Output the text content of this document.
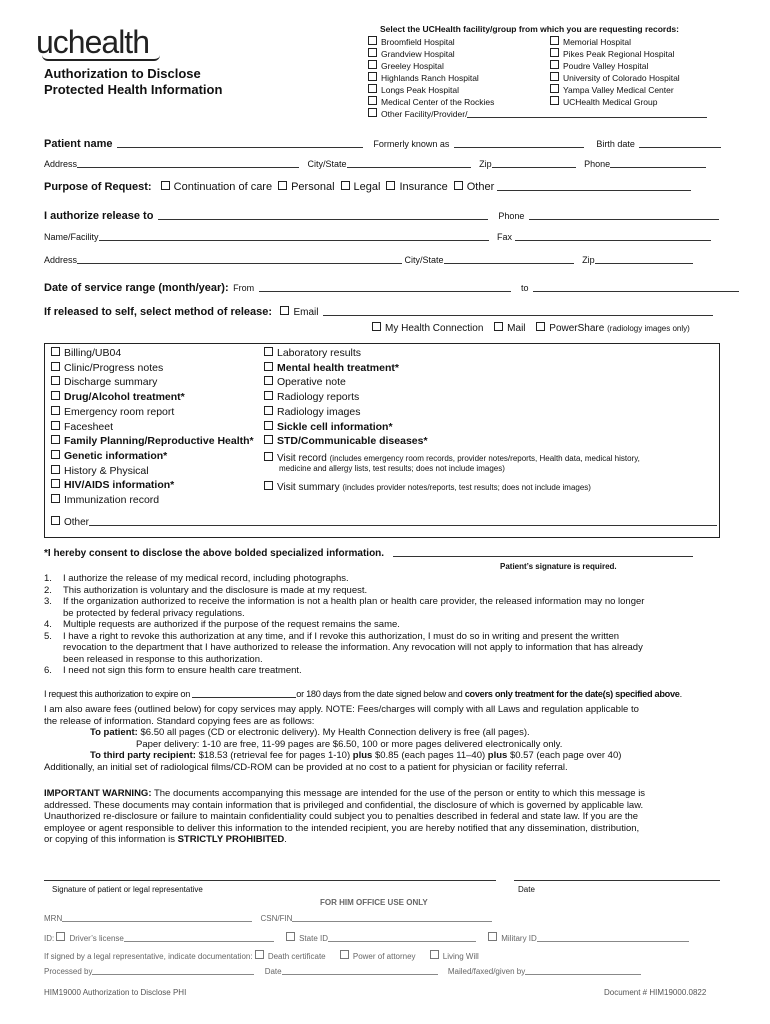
uchealth
Authorization to Disclose
Protected Health Information
Select the UCHealth facility/group from which you are requesting records:
Broomfield Hospital
Grandview Hospital
Greeley Hospital
Highlands Ranch Hospital
Longs Peak Hospital
Medical Center of the Rockies
Memorial Hospital
Pikes Peak Regional Hospital
Poudre Valley Hospital
University of Colorado Hospital
Yampa Valley Medical Center
UCHealth Medical Group
Other Facility/Provider/
Patient name	Formerly known as	Birth date
Address	City/State	Zip	Phone
Purpose of Request: Continuation of care Personal Legal Insurance Other
I authorize release to	Phone
Name/Facility	Fax
Address	City/State	Zip
Date of service range (month/year): From	to
If released to self, select method of release: Email
My Health Connection Mail PowerShare (radiology images only)
Billing/UB04
Clinic/Progress notes
Discharge summary
Drug/Alcohol treatment*
Emergency room report
Facesheet
Family Planning/Reproductive Health*
Genetic information*
History & Physical
HIV/AIDS information*
Immunization record
Laboratory results
Mental health treatment*
Operative note
Radiology reports
Radiology images
Sickle cell information*
STD/Communicable diseases*
Visit record (includes emergency room records, provider notes/reports, Health data, medical history,
medicine and allergy lists, test results; does not include images)
Visit summary (includes provider notes/reports, test results; does not include images)
Other
*I hereby consent to disclose the above bolded specialized information.
Patient’s signature is required.
1. I authorize the release of my medical record, including photographs.
2. This authorization is voluntary and the disclosure is made at my request.
3. If the organization authorized to receive the information is not a health plan or health care provider, the released information may no longer
be protected by federal privacy regulations.
4. Multiple requests are authorized if the purpose of the request remains the same.
5. I have a right to revoke this authorization at any time, and if I revoke this authorization, I must do so in writing and present the written
revocation to the department that I have authorized to release the information. Any revocation will not apply to information that has already
been released in response to this authorization.
6. I need not sign this form to ensure health care treatment.
I request this authorization to expire on	or 180 days from the date signed below and covers only treatment for the date(s) specified above.
I am also aware fees (outlined below) for copy services may apply. NOTE: Fees/charges will comply with all Laws and regulation applicable to
the release of information. Standard copying fees are as follows:
To patient: $6.50 all pages (CD or electronic delivery). My Health Connection delivery is free (all pages).
Paper delivery: 1-10 are free, 11-99 pages are $6.50, 100 or more pages delivered electronically only.
To third party recipient: $18.53 (retrieval fee for pages 1-10) plus $0.85 (each pages 11–40) plus $0.57 (each page over 40)
Additionally, an initial set of radiological films/CD-ROM can be provided at no cost to a patient for physician or facility referral.
IMPORTANT WARNING: The documents accompanying this message are intended for the use of the person or entity to which this message is
addressed. These documents may contain information that is privileged and confidential, the disclosure of which is governed by applicable law.
Unauthorized re-disclosure or failure to maintain confidentiality could subject you to penalties described in federal and state law. If you are the
employee or agent responsible to deliver this information to the intended recipient, you are hereby notified that any dissemination, distribution,
or copying of this information is STRICTLY PROHIBITED.
Signature of patient or legal representative	Date
FOR HIM OFFICE USE ONLY
MRN	CSN/FIN
ID: Driver’s license	State ID	Military ID
If signed by a legal representative, indicate documentation: Death certificate	Power of attorney	Living Will
Processed by	Date	Mailed/faxed/given by
HIM19000 Authorization to Disclose PHI	Document # HIM19000.0822
